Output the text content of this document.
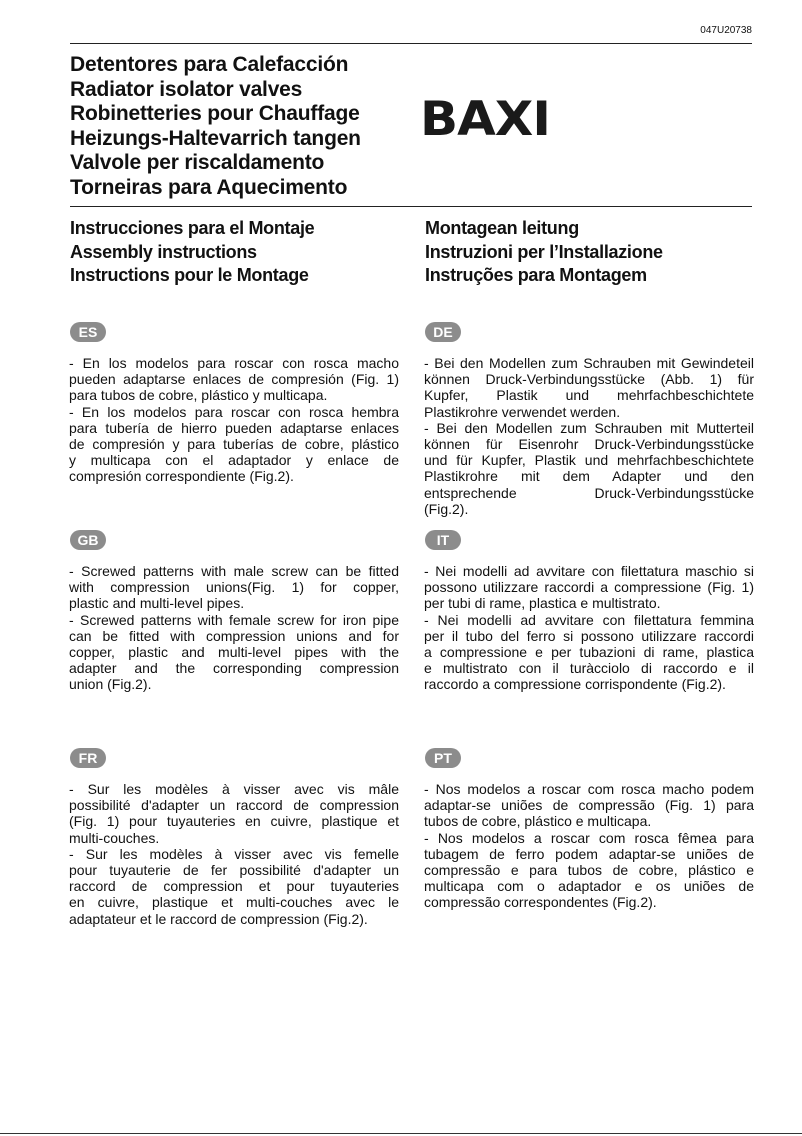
047U20738
Detentores para Calefacción
Radiator isolator valves
Robinetteries pour Chauffage
Heizungs-Haltevarrich tangen
Valvole per riscaldamento
Torneiras para Aquecimento
BAXI
Instrucciones para el Montaje
Assembly instructions
Instructions pour le Montage
Montagean leitung
Instruzioni per l’Installazione
Instruções para Montagem
ES
- En los modelos para roscar con rosca macho
pueden adaptarse enlaces de compresión (Fig. 1)
para tubos de cobre, plástico y multicapa.
- En los modelos para roscar con rosca hembra
para tubería de hierro pueden adaptarse enlaces
de compresión y para tuberías de cobre, plástico
y multicapa con el adaptador y enlace de
compresión correspondiente (Fig.2).
DE
- Bei den Modellen zum Schrauben mit Gewindeteil
können Druck-Verbindungsstücke (Abb. 1) für
Kupfer, Plastik und mehrfachbeschichtete
Plastikrohre verwendet werden.
- Bei den Modellen zum Schrauben mit Mutterteil
können für Eisenrohr Druck-Verbindungsstücke
und für Kupfer, Plastik und mehrfachbeschichtete
Plastikrohre mit dem Adapter und den
entsprechende Druck-Verbindungsstücke
(Fig.2).
GB
- Screwed patterns with male screw can be fitted
with compression unions(Fig. 1) for copper,
plastic and multi-level pipes.
- Screwed patterns with female screw for iron pipe
can be fitted with compression unions and for
copper, plastic and multi-level pipes with the
adapter and the corresponding compression
union (Fig.2).
IT
- Nei modelli ad avvitare con filettatura maschio si
possono utilizzare raccordi a compressione (Fig. 1)
per tubi di rame, plastica e multistrato.
- Nei modelli ad avvitare con filettatura femmina
per il tubo del ferro si possono utilizzare raccordi
a compressione e per tubazioni di rame, plastica
e multistrato con il turàcciolo di raccordo e il
raccordo a compressione corrispondente (Fig.2).
FR
- Sur les modèles à visser avec vis mâle
possibilité d'adapter un raccord de compression
(Fig. 1) pour tuyauteries en cuivre, plastique et
multi-couches.
- Sur les modèles à visser avec vis femelle
pour tuyauterie de fer possibilité d'adapter un
raccord de compression et pour tuyauteries
en cuivre, plastique et multi-couches avec le
adaptateur et le raccord de compression (Fig.2).
PT
- Nos modelos a roscar com rosca macho podem
adaptar-se uniões de compressão (Fig. 1) para
tubos de cobre, plástico e multicapa.
- Nos modelos a roscar com rosca fêmea para
tubagem de ferro podem adaptar-se uniões de
compressão e para tubos de cobre, plástico e
multicapa com o adaptador e os uniões de
compressão correspondentes (Fig.2).
